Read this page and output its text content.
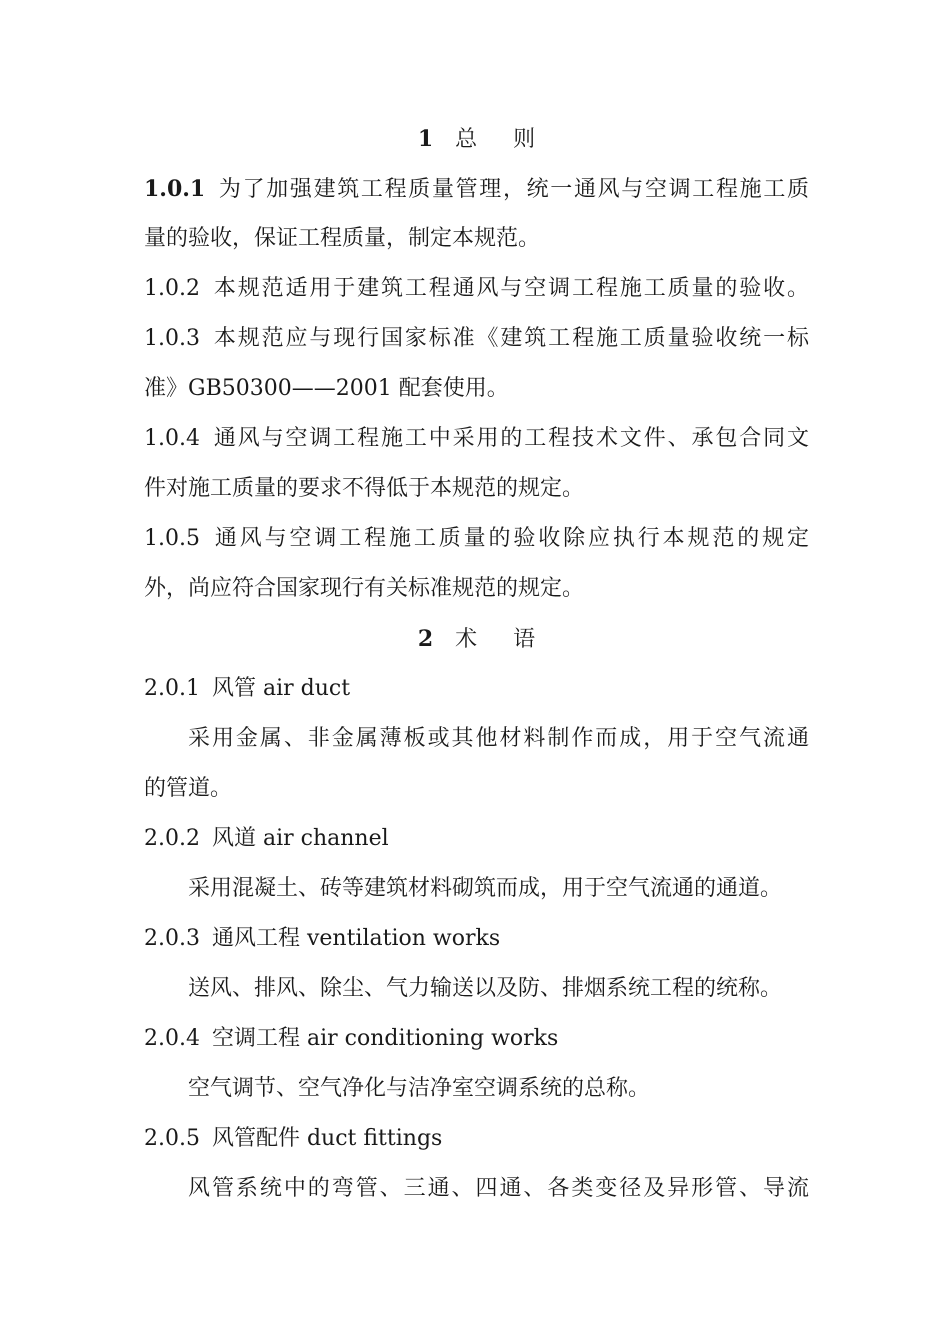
1 总则
1.0.1 为了加强建筑工程质量管理，统一通风与空调工程施工质
量的验收，保证工程质量，制定本规范。
1.0.2 本规范适用于建筑工程通风与空调工程施工质量的验收。
1.0.3 本规范应与现行国家标准《建筑工程施工质量验收统一标
准》GB50300——2001 配套使用。
1.0.4 通风与空调工程施工中采用的工程技术文件、承包合同文
件对施工质量的要求不得低于本规范的规定。
1.0.5 通风与空调工程施工质量的验收除应执行本规范的规定
外，尚应符合国家现行有关标准规范的规定。
2 术语
2.0.1 风管 air duct
采用金属、非金属薄板或其他材料制作而成，用于空气流通
的管道。
2.0.2 风道 air channel
采用混凝土、砖等建筑材料砌筑而成，用于空气流通的通道。
2.0.3 通风工程 ventilation works
送风、排风、除尘、气力输送以及防、排烟系统工程的统称。
2.0.4 空调工程 air conditioning works
空气调节、空气净化与洁净室空调系统的总称。
2.0.5 风管配件 duct fittings
风管系统中的弯管、三通、四通、各类变径及异形管、导流
